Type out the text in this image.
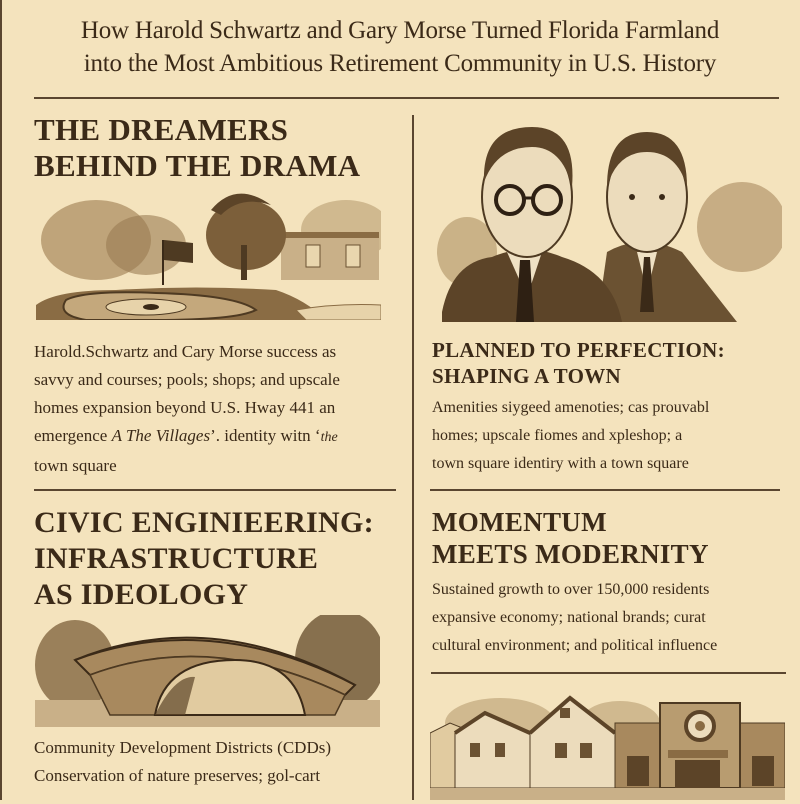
How Harold Schwartz and Gary Morse Turned Florida Farmland
into the Most Ambitious Retirement Community in U.S. History
THE DREAMERS
BEHIND THE DRAMA
Harold.Schwartz and Cary Morse success as
savvy and courses; pools; shops; and upscale
homes expansion beyond U.S. Hway 441 an
emergence A The Villages’. identity witn ‘the
town square
PLANNED TO PERFECTION:
SHAPING A TOWN
Amenities siygeed amenoties; cas prouvabl
homes; upscale fiomes and xpleshop; a
town square identiry with a town square
CIVIC ENGINIEERING:
INFRASTRUCTURE
AS IDEOLOGY
Community Development Districts (CDDs)
Conservation of nature preserves; gol-cart
MOMENTUM
MEETS MODERNITY
Sustained growth to over 150,000 residents
expansive economy; national brands; curat
cultural environment; and political influence
